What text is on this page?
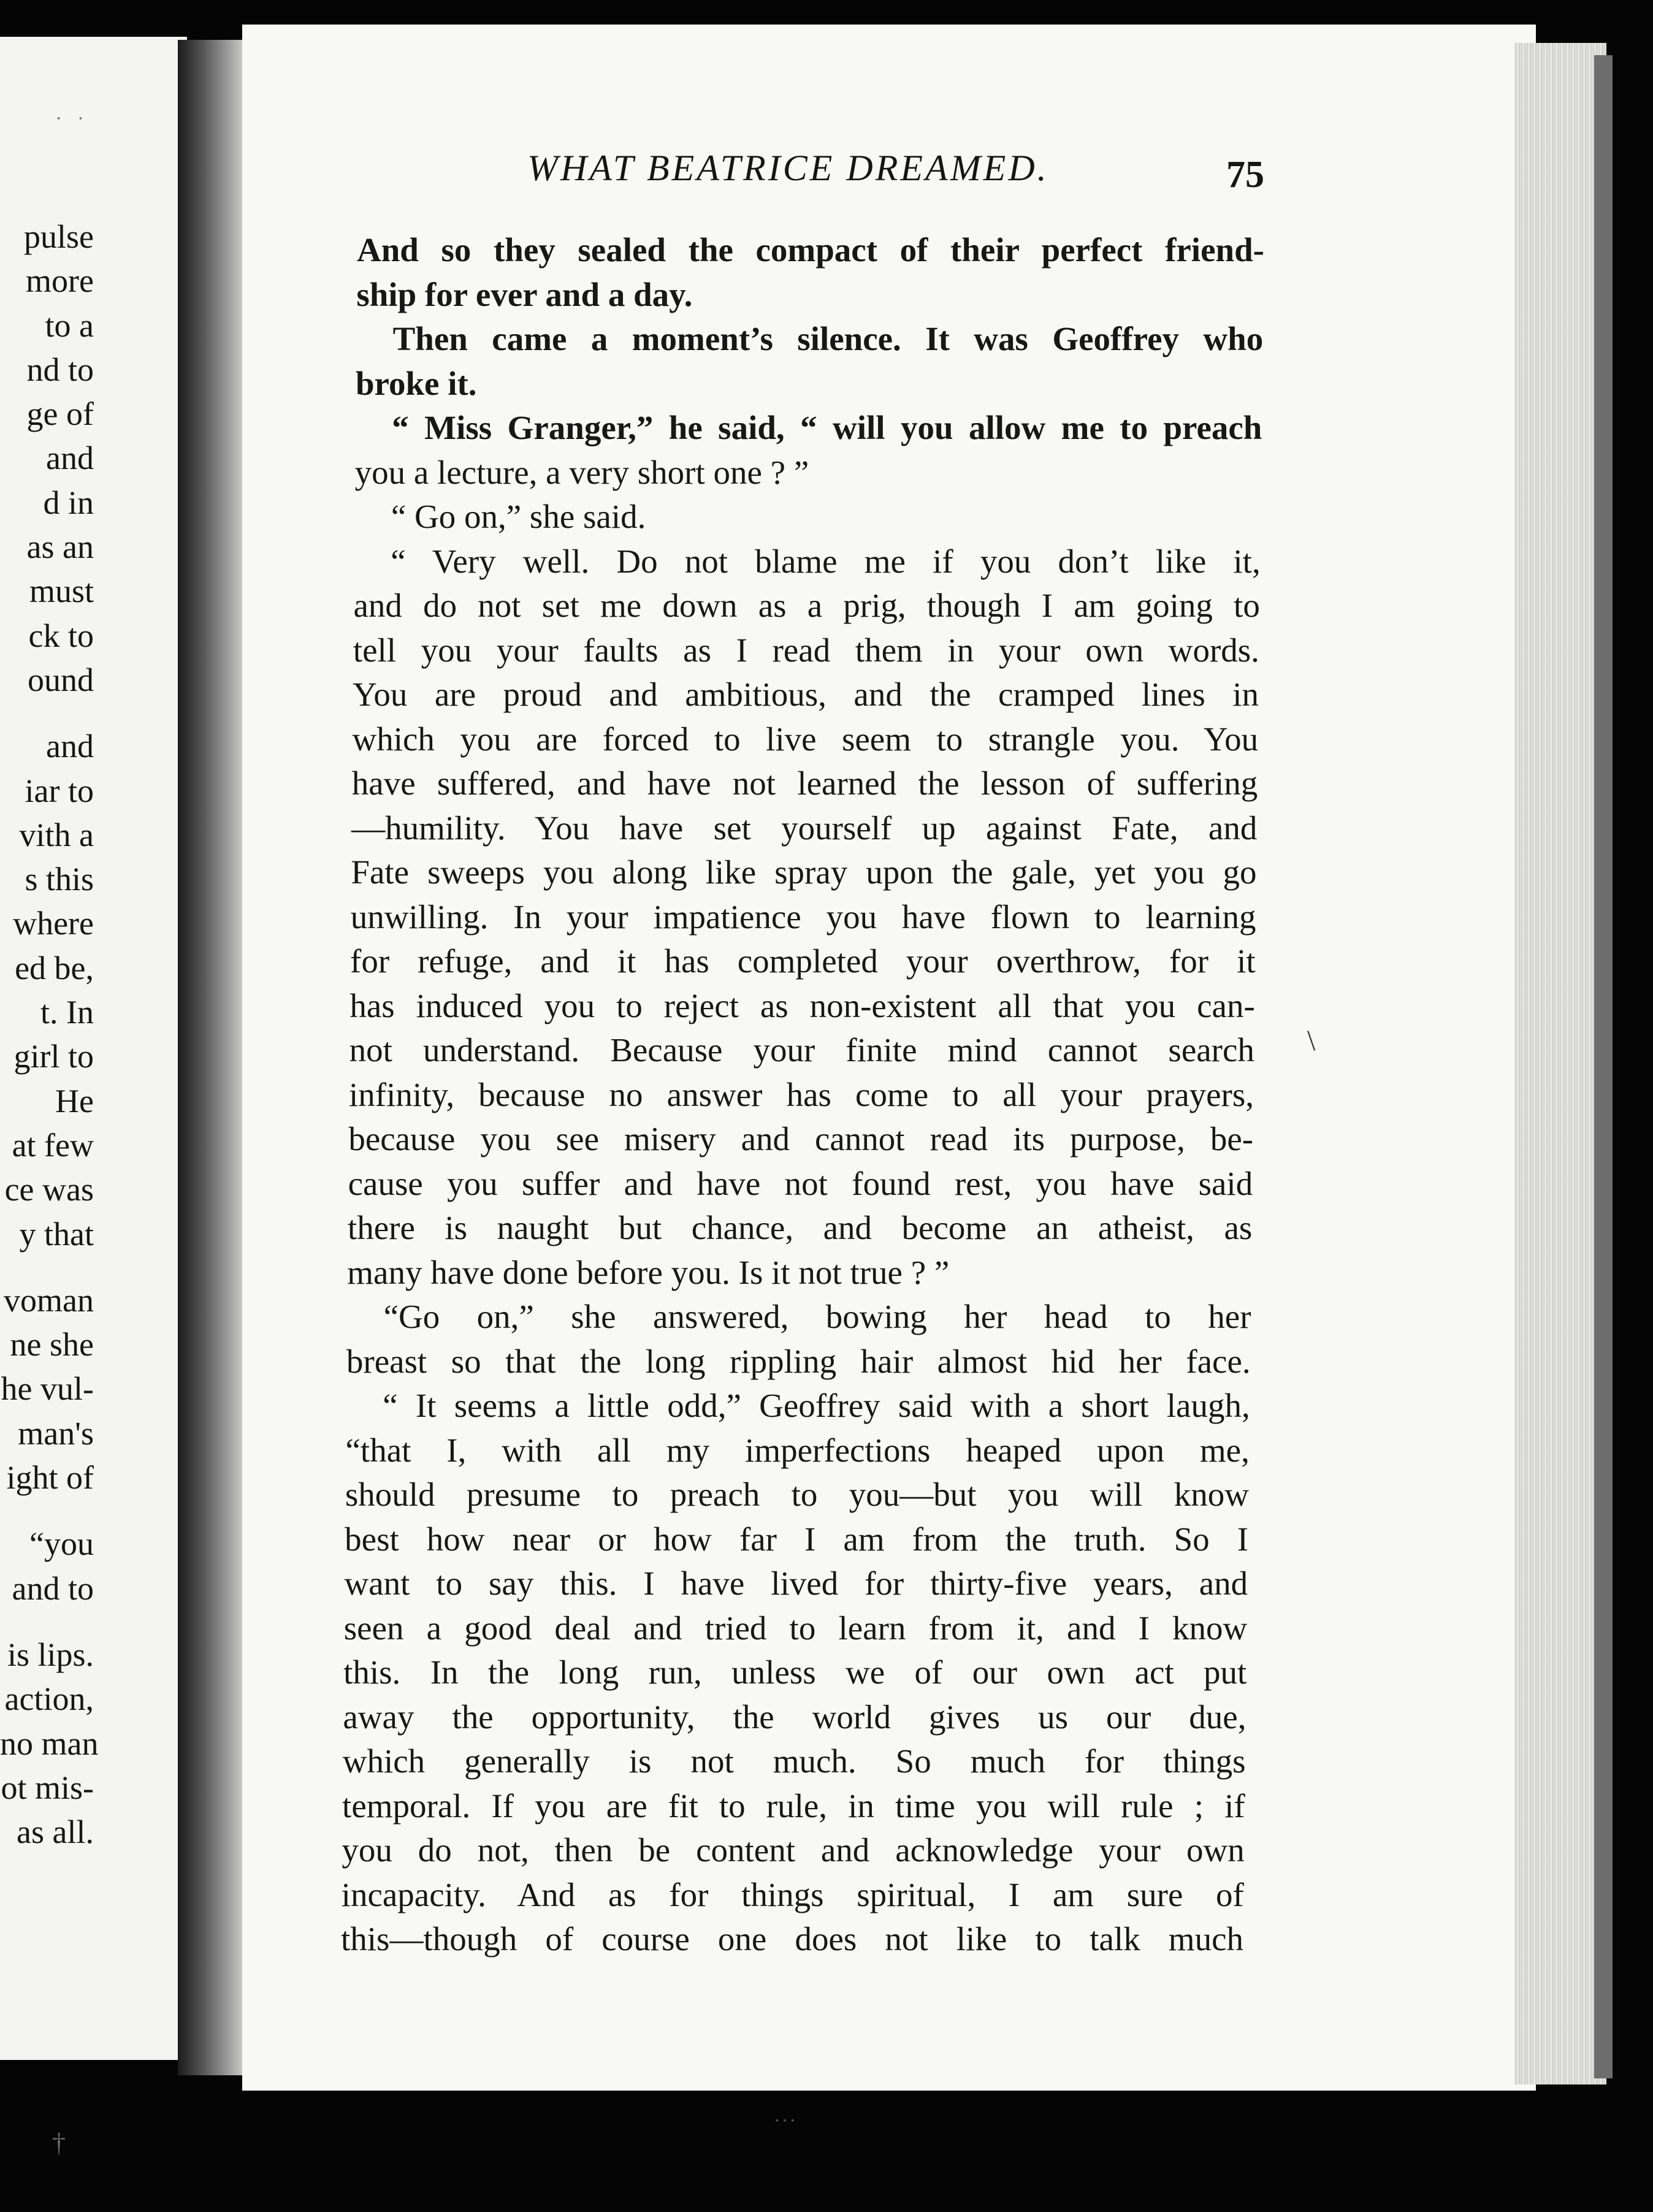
· ·
pulse
more
to a
nd to
ge of
and
d in
as an
must
ck to
ound
and
iar to
vith a
s this
where
ed be,
t. In
girl to
He
at few
ce was
y that
voman
ne she
he vul-
man's
ight of
“you
and to
is lips.
action,
no man
ot mis-
as all.
WHAT BEATRICE DREAMED.	75
And so they sealed the compact of their perfect friend-
ship for ever and a day.
Then came a moment’s silence. It was Geoffrey who
broke it.
“ Miss Granger,” he said, “ will you allow me to preach
you a lecture, a very short one ? ”
“ Go on,” she said.
“ Very well. Do not blame me if you don’t like it,
and do not set me down as a prig, though I am going to
tell you your faults as I read them in your own words.
You are proud and ambitious, and the cramped lines in
which you are forced to live seem to strangle you. You
have suffered, and have not learned the lesson of suffering
—humility. You have set yourself up against Fate, and
Fate sweeps you along like spray upon the gale, yet you go
unwilling. In your impatience you have flown to learning
for refuge, and it has completed your overthrow, for it
has induced you to reject as non-existent all that you can-
not understand. Because your finite mind cannot search
infinity, because no answer has come to all your prayers,
because you see misery and cannot read its purpose, be-
cause you suffer and have not found rest, you have said
there is naught but chance, and become an atheist, as
many have done before you. Is it not true ? ”
“Go on,” she answered, bowing her head to her
breast so that the long rippling hair almost hid her face.
“ It seems a little odd,” Geoffrey said with a short laugh,
“that I, with all my imperfections heaped upon me,
should presume to preach to you—but you will know
best how near or how far I am from the truth. So I
want to say this. I have lived for thirty-five years, and
seen a good deal and tried to learn from it, and I know
this. In the long run, unless we of our own act put
away the opportunity, the world gives us our due,
which generally is not much. So much for things
temporal. If you are fit to rule, in time you will rule ; if
you do not, then be content and acknowledge your own
incapacity. And as for things spiritual, I am sure of
this—though of course one does not like to talk much
\
···
†
